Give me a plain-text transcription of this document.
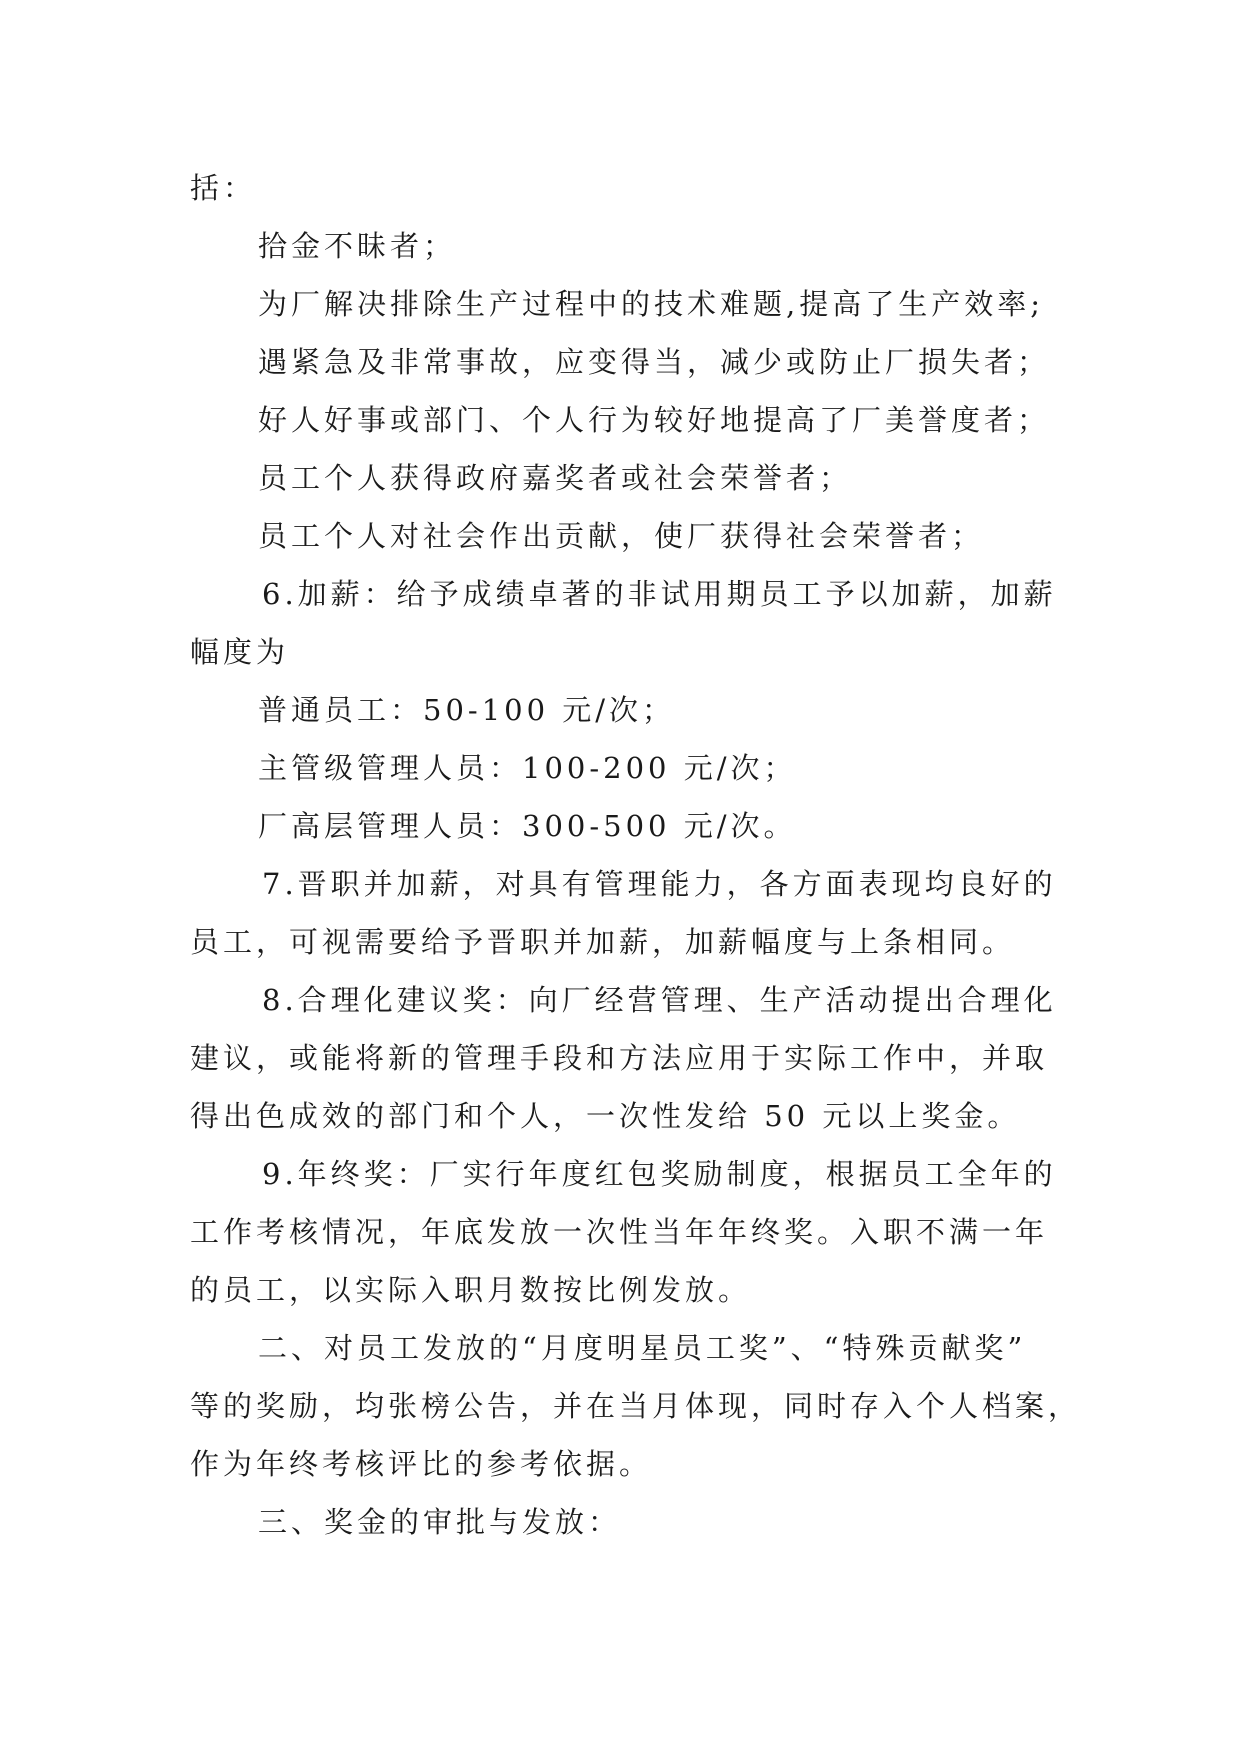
括：
拾金不昧者；
为厂解决排除生产过程中的技术难题,提高了生产效率;
遇紧急及非常事故，应变得当，减少或防止厂损失者；
好人好事或部门、个人行为较好地提高了厂美誉度者；
员工个人获得政府嘉奖者或社会荣誉者；
员工个人对社会作出贡献，使厂获得社会荣誉者；
6.加薪：给予成绩卓著的非试用期员工予以加薪，加薪
幅度为
普通员工：50-100 元/次；
主管级管理人员：100-200 元/次；
厂高层管理人员：300-500 元/次。
7.晋职并加薪，对具有管理能力，各方面表现均良好的
员工，可视需要给予晋职并加薪，加薪幅度与上条相同。
8.合理化建议奖：向厂经营管理、生产活动提出合理化
建议，或能将新的管理手段和方法应用于实际工作中，并取
得出色成效的部门和个人，一次性发给 50 元以上奖金。
9.年终奖：厂实行年度红包奖励制度，根据员工全年的
工作考核情况，年底发放一次性当年年终奖。入职不满一年
的员工，以实际入职月数按比例发放。
二、对员工发放的“月度明星员工奖”、“特殊贡献奖”
等的奖励，均张榜公告，并在当月体现，同时存入个人档案，
作为年终考核评比的参考依据。
三、奖金的审批与发放：
